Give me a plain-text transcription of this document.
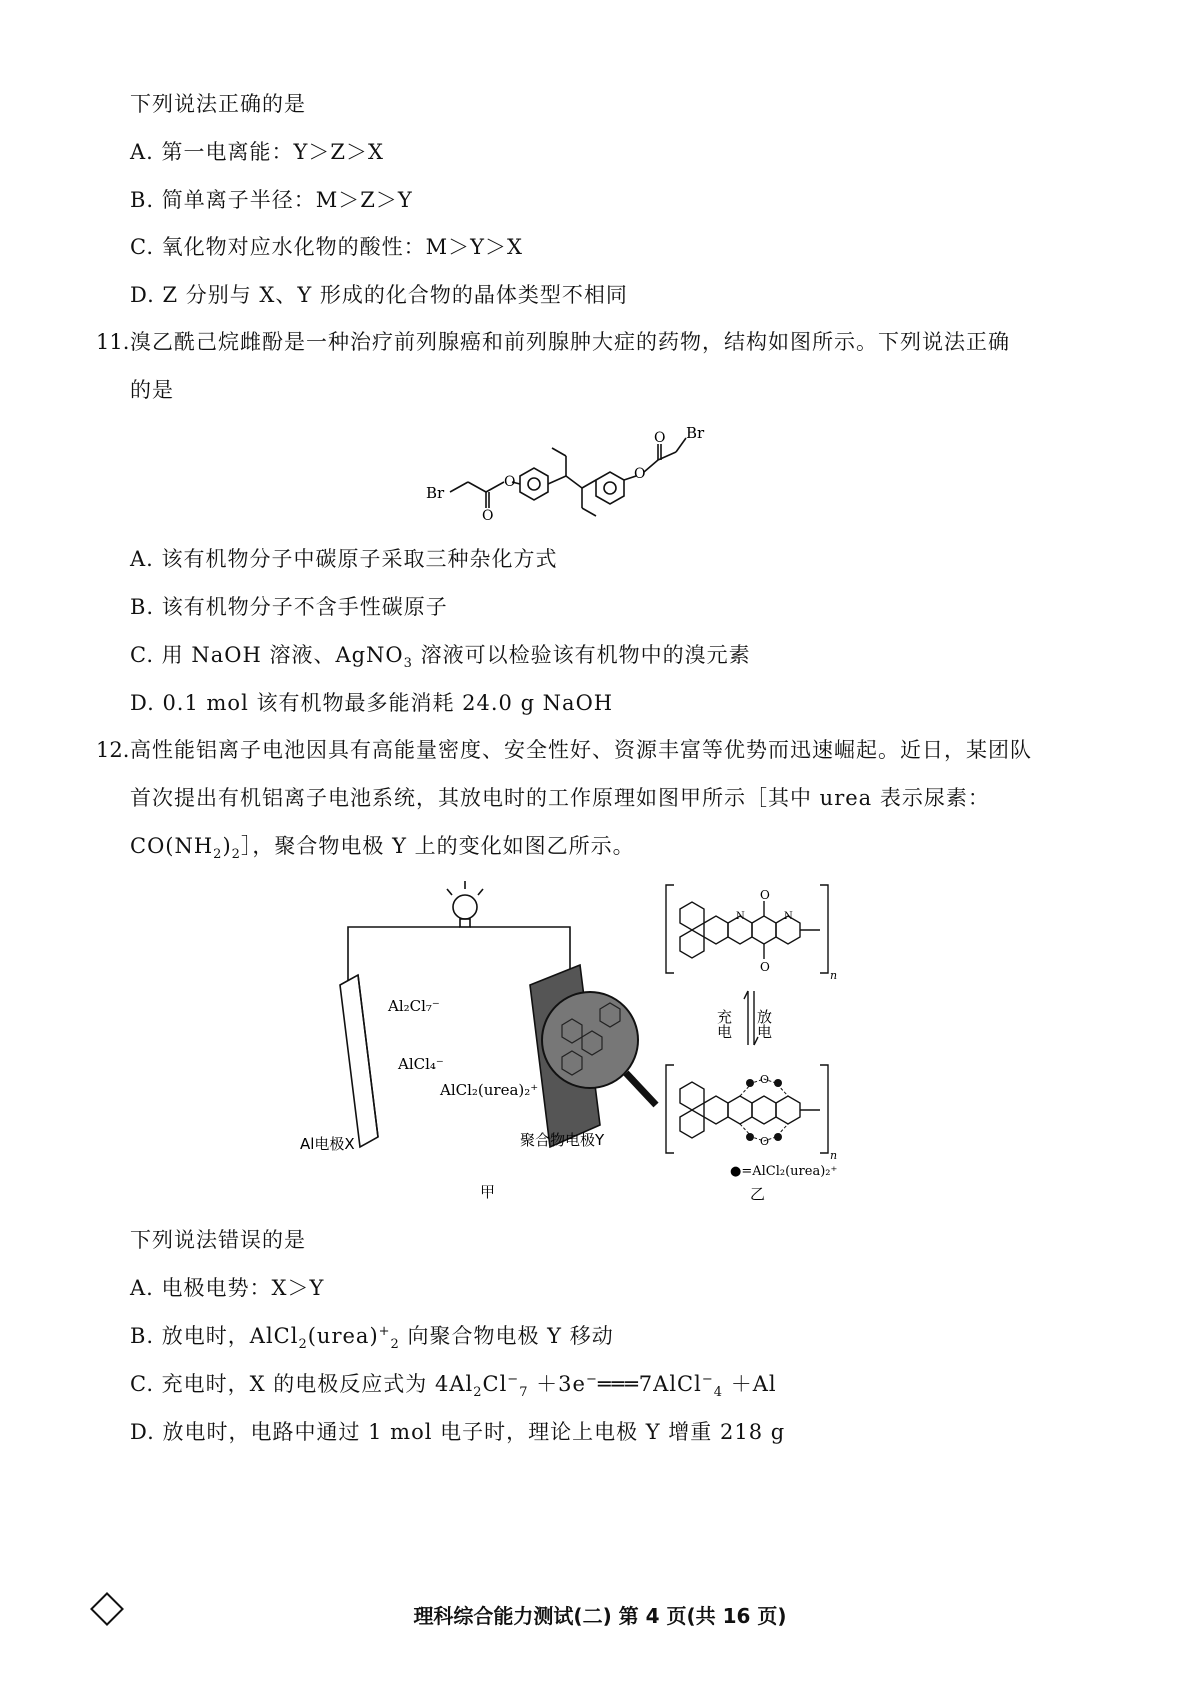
下列说法正确的是
A. 第一电离能：Y＞Z＞X
B. 简单离子半径：M＞Z＞Y
C. 氧化物对应水化物的酸性：M＞Y＞X
D. Z 分别与 X、Y 形成的化合物的晶体类型不相同
11. 溴乙酰己烷雌酚是一种治疗前列腺癌和前列腺肿大症的药物，结构如图所示。下列说法正确
的是
Br
O
O
O
O Br
A. 该有机物分子中碳原子采取三种杂化方式
B. 该有机物分子不含手性碳原子
C. 用 NaOH 溶液、AgNO$_3$ 溶液可以检验该有机物中的溴元素
D. 0.1 mol 该有机物最多能消耗 24.0 g NaOH
12. 高性能铝离子电池因具有高能量密度、安全性好、资源丰富等优势而迅速崛起。近日，某团队
首次提出有机铝离子电池系统，其放电时的工作原理如图甲所示［其中 urea 表示尿素：
$CO(NH_2)_2]$，聚合物电极 Y 上的变化如图乙所示。
Al₂Cl₇⁻
AlCl₄⁻
AlCl₂(urea)₂⁺
Al电极X	聚合物电极Y
甲
O
O
N	N
O
O
n
n
充电 放电
●=AlCl₂(urea)₂⁺
乙
下列说法错误的是
A. 电极电势：X＞Y
B. 放电时，$AlCl_2(urea)^+_2$ 向聚合物电极 Y 移动
C. 充电时，X 的电极反应式为 $4Al_2Cl^-_7$ ＋3e−═══7AlCl−$_4$ ＋Al
D. 放电时，电路中通过 1 mol 电子时，理论上电极 Y 增重 218 g
理科综合能力测试(二) 第 4 页(共 16 页)
